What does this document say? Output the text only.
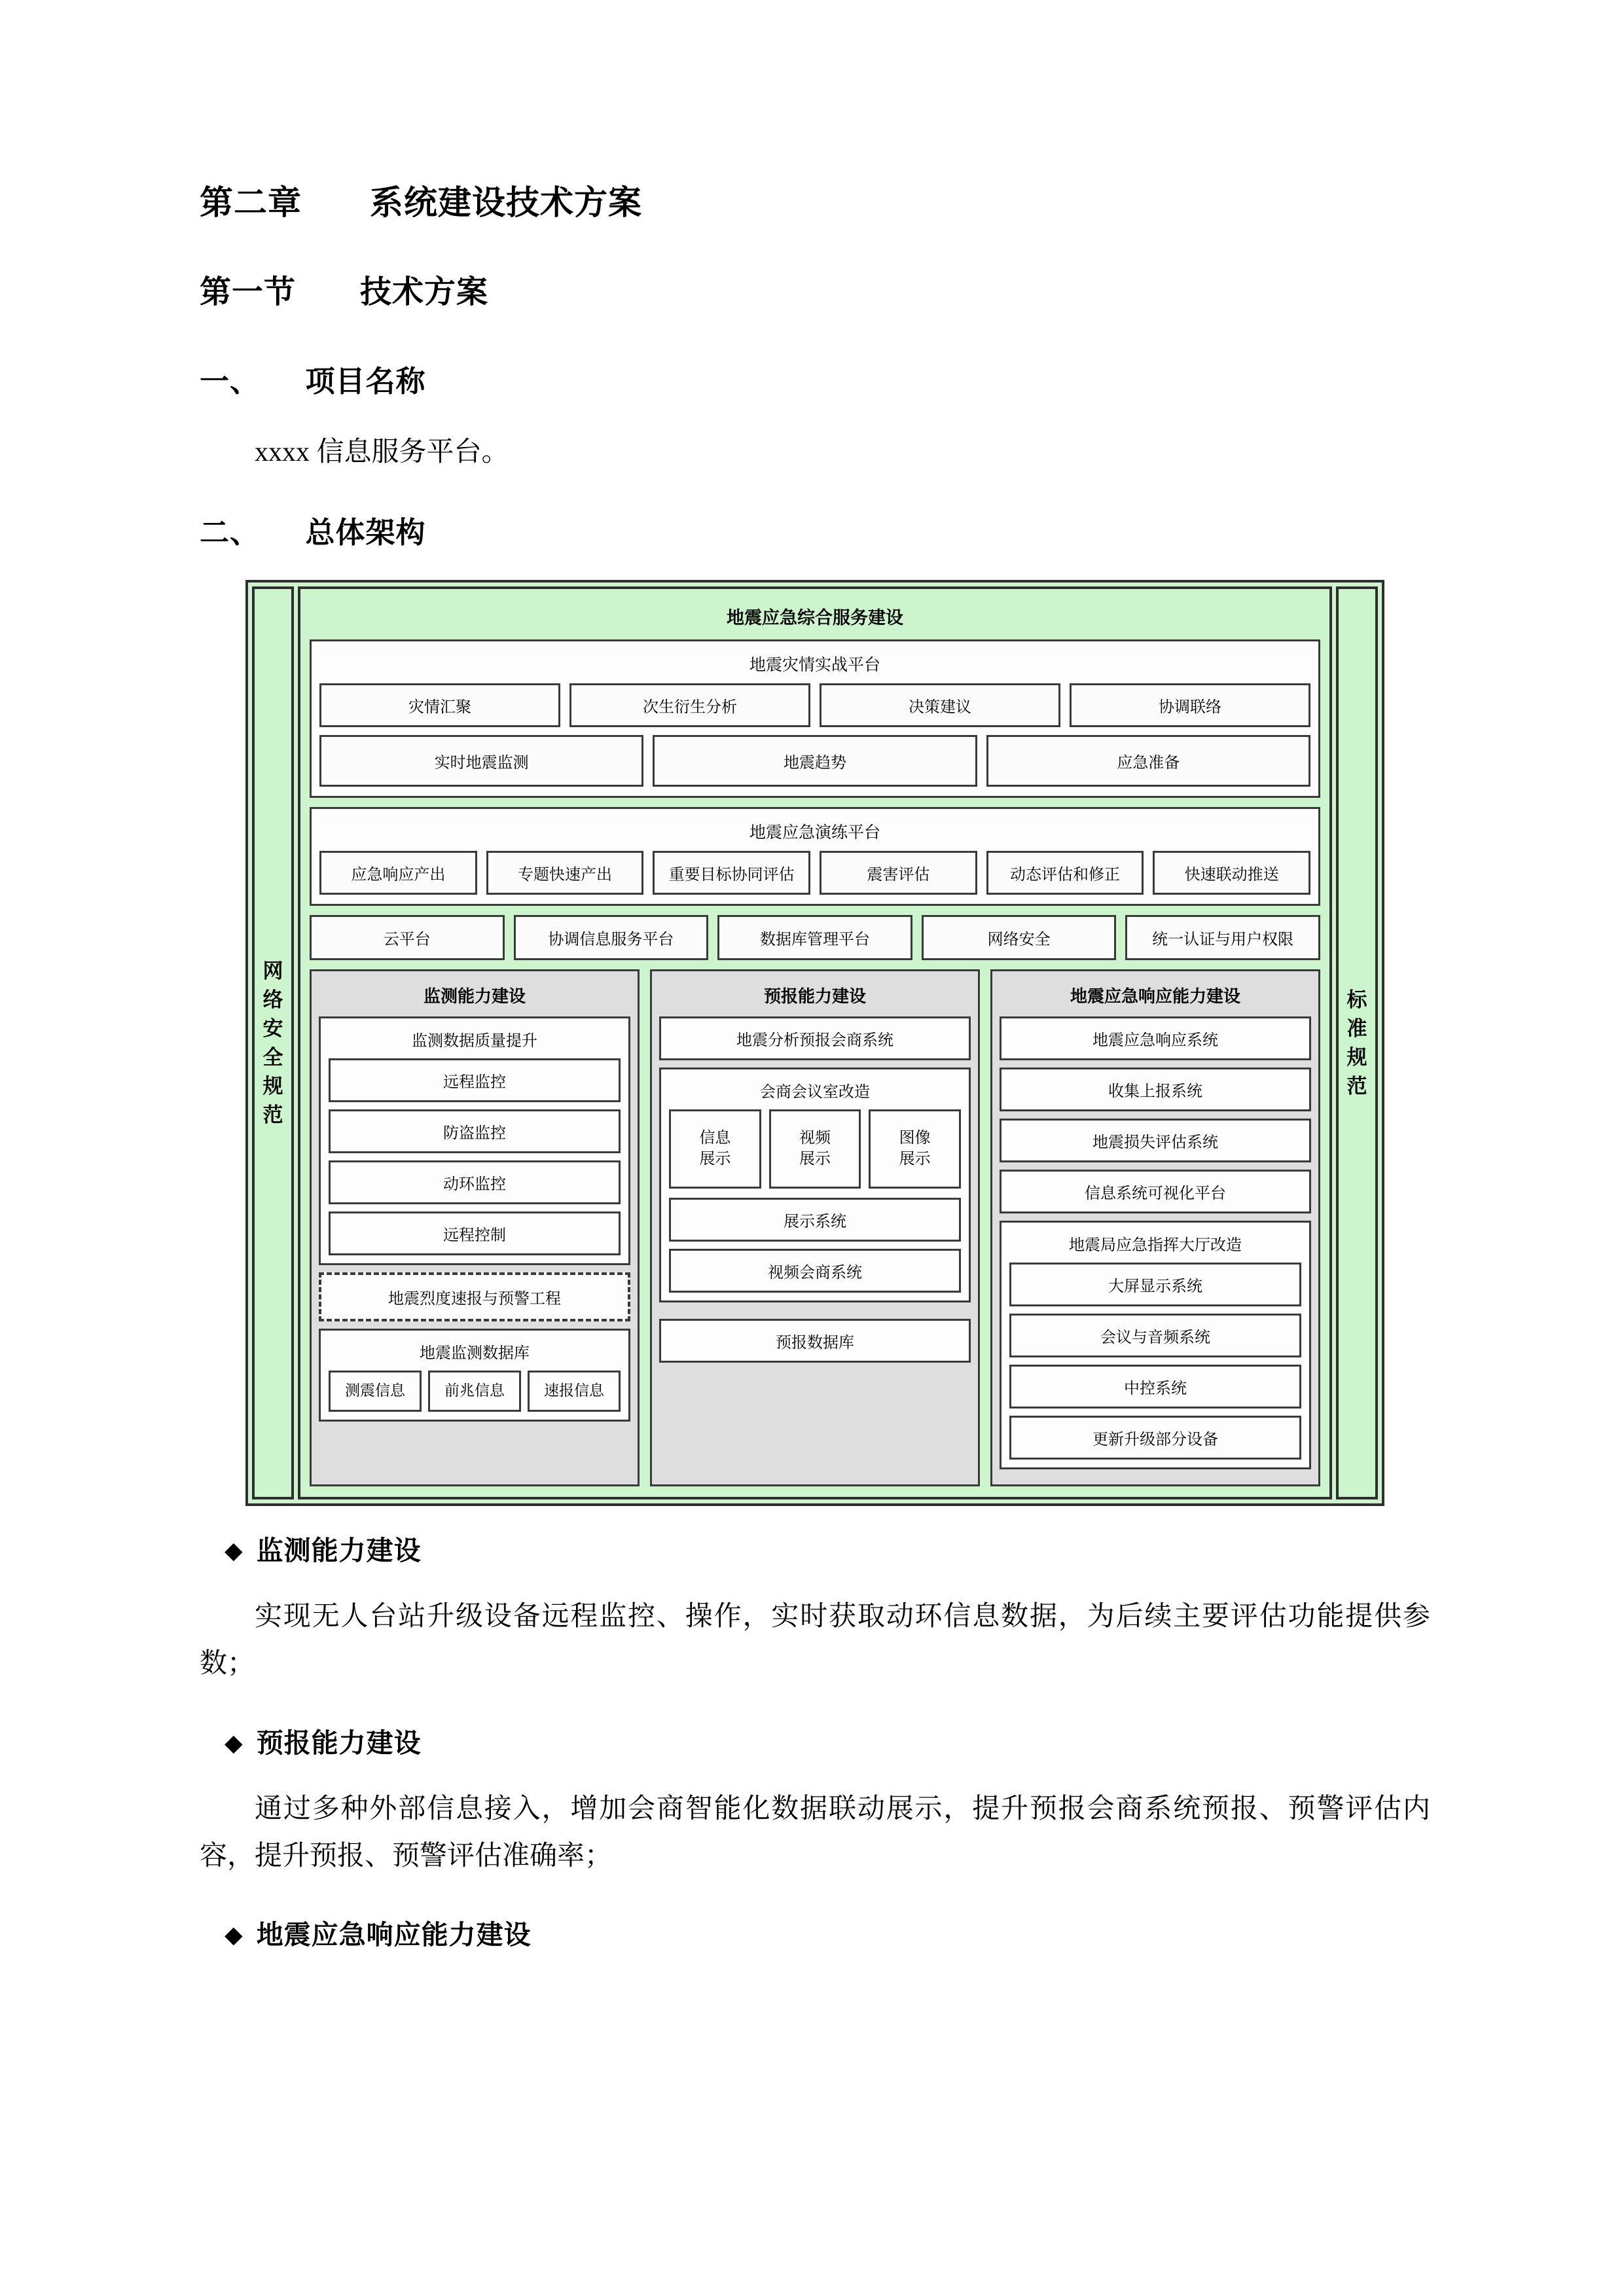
第二章　　系统建设技术方案
第一节　　技术方案
一、　　 项目名称

xxxx 信息服务平台。

二、　　 总体架构
网络安全规范
地震应急综合服务建设
地震灾情实战平台
灾情汇聚	次生衍生分析	决策建议	协调联络
实时地震监测	地震趋势	应急准备
地震应急演练平台
应急响应产出	专题快速产出	重要目标协同评估	震害评估	动态评估和修正	快速联动推送
云平台	协调信息服务平台	数据库管理平台	网络安全	统一认证与用户权限
监测能力建设
监测数据质量提升
远程监控
防盗监控
动环监控
远程控制
地震烈度速报与预警工程
地震监测数据库
测震信息	前兆信息	速报信息
预报能力建设
地震分析预报会商系统
会商会议室改造
信息
展示
视频
展示
图像
展示
展示系统
视频会商系统
预报数据库
地震应急响应能力建设
地震应急响应系统
收集上报系统
地震损失评估系统
信息系统可视化平台
地震局应急指挥大厅改造
大屏显示系统
会议与音频系统
中控系统
更新升级部分设备
标准规范
◆ 监测能力建设

实现无人台站升级设备远程监控、操作，实时获取动环信息数据，为后续主要评估功能提供参数；

◆ 预报能力建设

通过多种外部信息接入，增加会商智能化数据联动展示，提升预报会商系统预报、预警评估内容，提升预报、预警评估准确率；

◆ 地震应急响应能力建设
